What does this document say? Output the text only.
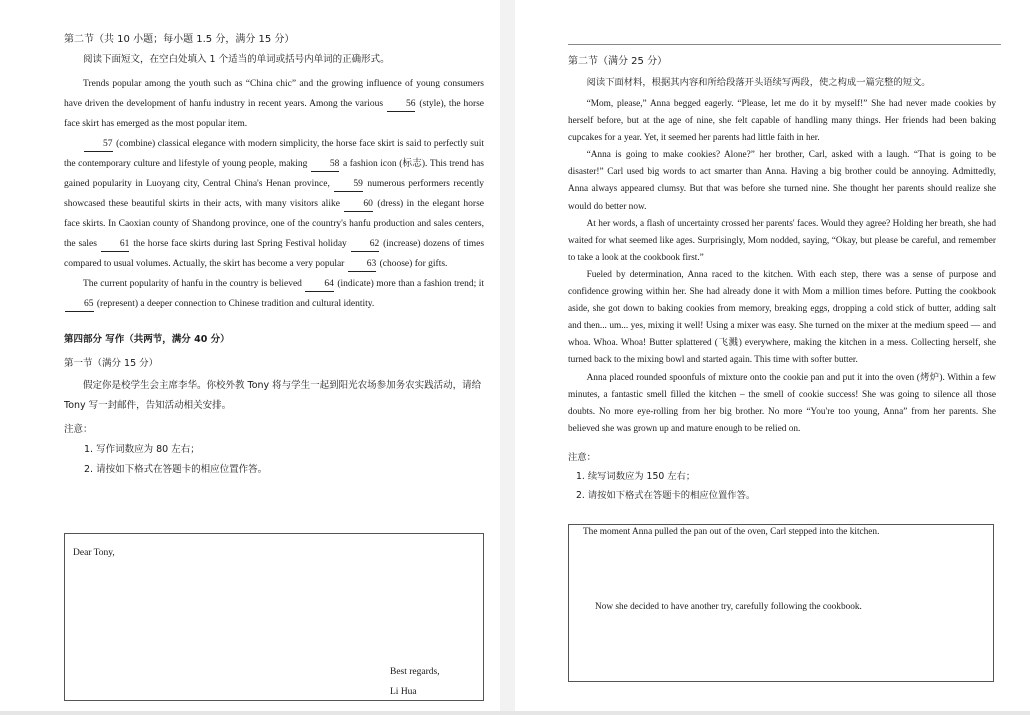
第二节（共 10 小题；每小题 1.5 分，满分 15 分）

阅读下面短文，在空白处填入 1 个适当的单词或括号内单词的正确形式。

Trends popular among the youth such as “China chic” and the growing influence of young consumers have driven the development of hanfu industry in recent years. Among the various 56 (style), the horse face skirt has emerged as the most popular item.

57 (combine) classical elegance with modern simplicity, the horse face skirt is said to perfectly suit the contemporary culture and lifestyle of young people, making 58 a fashion icon (标志). This trend has gained popularity in Luoyang city, Central China's Henan province, 59 numerous performers recently showcased these beautiful skirts in their acts, with many visitors alike 60 (dress) in the elegant horse face skirts. In Caoxian county of Shandong province, one of the country's hanfu production and sales centers, the sales 61 the horse face skirts during last Spring Festival holiday 62 (increase) dozens of times compared to usual volumes. Actually, the skirt has become a very popular 63 (choose) for gifts.

The current popularity of hanfu in the country is believed 64 (indicate) more than a fashion trend; it 65 (represent) a deeper connection to Chinese tradition and cultural identity.

第四部分 写作（共两节，满分 40 分）

第一节（满分 15 分）

假定你是校学生会主席李华。你校外教 Tony 将与学生一起到阳光农场参加务农实践活动，请给 Tony 写一封邮件，告知活动相关安排。

注意：

1. 写作词数应为 80 左右；

2. 请按如下格式在答题卡的相应位置作答。

Dear Tony,
Best regards,
Li Hua

第二节（满分 25 分）

阅读下面材料，根据其内容和所给段落开头语续写两段，使之构成一篇完整的短文。

“Mom, please,” Anna begged eagerly. “Please, let me do it by myself!” She had never made cookies by herself before, but at the age of nine, she felt capable of handling many things. Her friends had been baking cupcakes for a year. Yet, it seemed her parents had little faith in her.

“Anna is going to make cookies? Alone?” her brother, Carl, asked with a laugh. “That is going to be disaster!” Carl used big words to act smarter than Anna. Having a big brother could be annoying. Admittedly, Anna always appeared clumsy. But that was before she turned nine. She thought her parents should realize she would do better now.

At her words, a flash of uncertainty crossed her parents' faces. Would they agree? Holding her breath, she had waited for what seemed like ages. Surprisingly, Mom nodded, saying, “Okay, but please be careful, and remember to take a look at the cookbook first.”

Fueled by determination, Anna raced to the kitchen. With each step, there was a sense of purpose and confidence growing within her. She had already done it with Mom a million times before. Putting the cookbook aside, she got down to baking cookies from memory, breaking eggs, dropping a cold stick of butter, adding salt and then... um... yes, mixing it well! Using a mixer was easy. She turned on the mixer at the medium speed — and whoa. Whoa. Whoa! Butter splattered (飞溅) everywhere, making the kitchen in a mess. Collecting herself, she turned back to the mixing bowl and started again. This time with softer butter.

Anna placed rounded spoonfuls of mixture onto the cookie pan and put it into the oven (烤炉). Within a few minutes, a fantastic smell filled the kitchen – the smell of cookie success! She was going to silence all those doubts. No more eye-rolling from her big brother. No more “You're too young, Anna” from her parents. She believed she was grown up and mature enough to be relied on.

注意：

1. 续写词数应为 150 左右；

2. 请按如下格式在答题卡的相应位置作答。

The moment Anna pulled the pan out of the oven, Carl stepped into the kitchen.
Now she decided to have another try, carefully following the cookbook.
